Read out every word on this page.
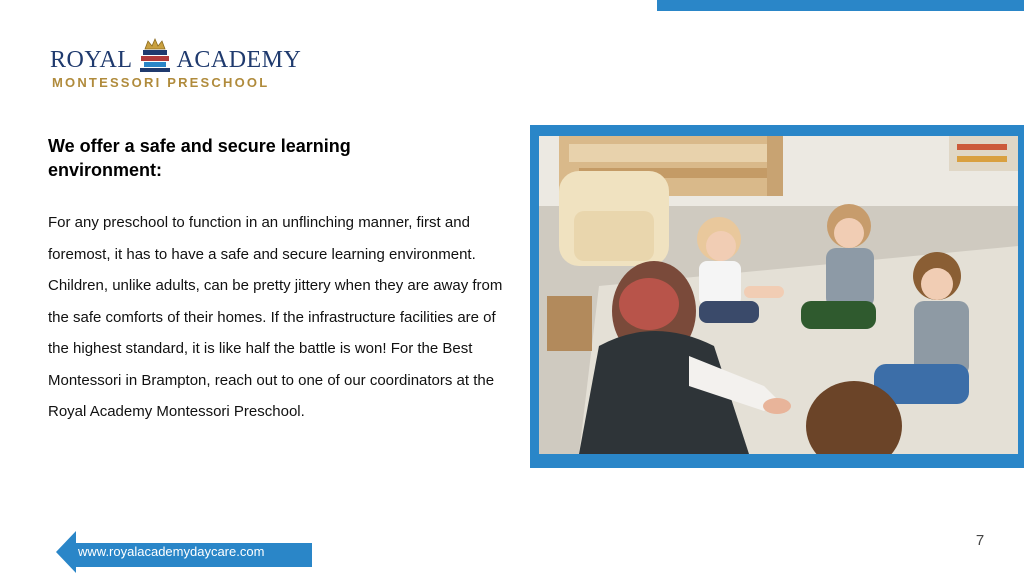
ROYAL ACADEMY
MONTESSORI PRESCHOOL
We offer a safe and secure learning environment:

For any preschool to function in an unflinching manner, first and foremost, it has to have a safe and secure learning environment. Children, unlike adults, can be pretty jittery when they are away from the safe comforts of their homes. If the infrastructure facilities are of the highest standard, it is like half the battle is won! For the Best Montessori in Brampton, reach out to one of our coordinators at the Royal Academy Montessori Preschool.

7
www.royalacademydaycare.com
